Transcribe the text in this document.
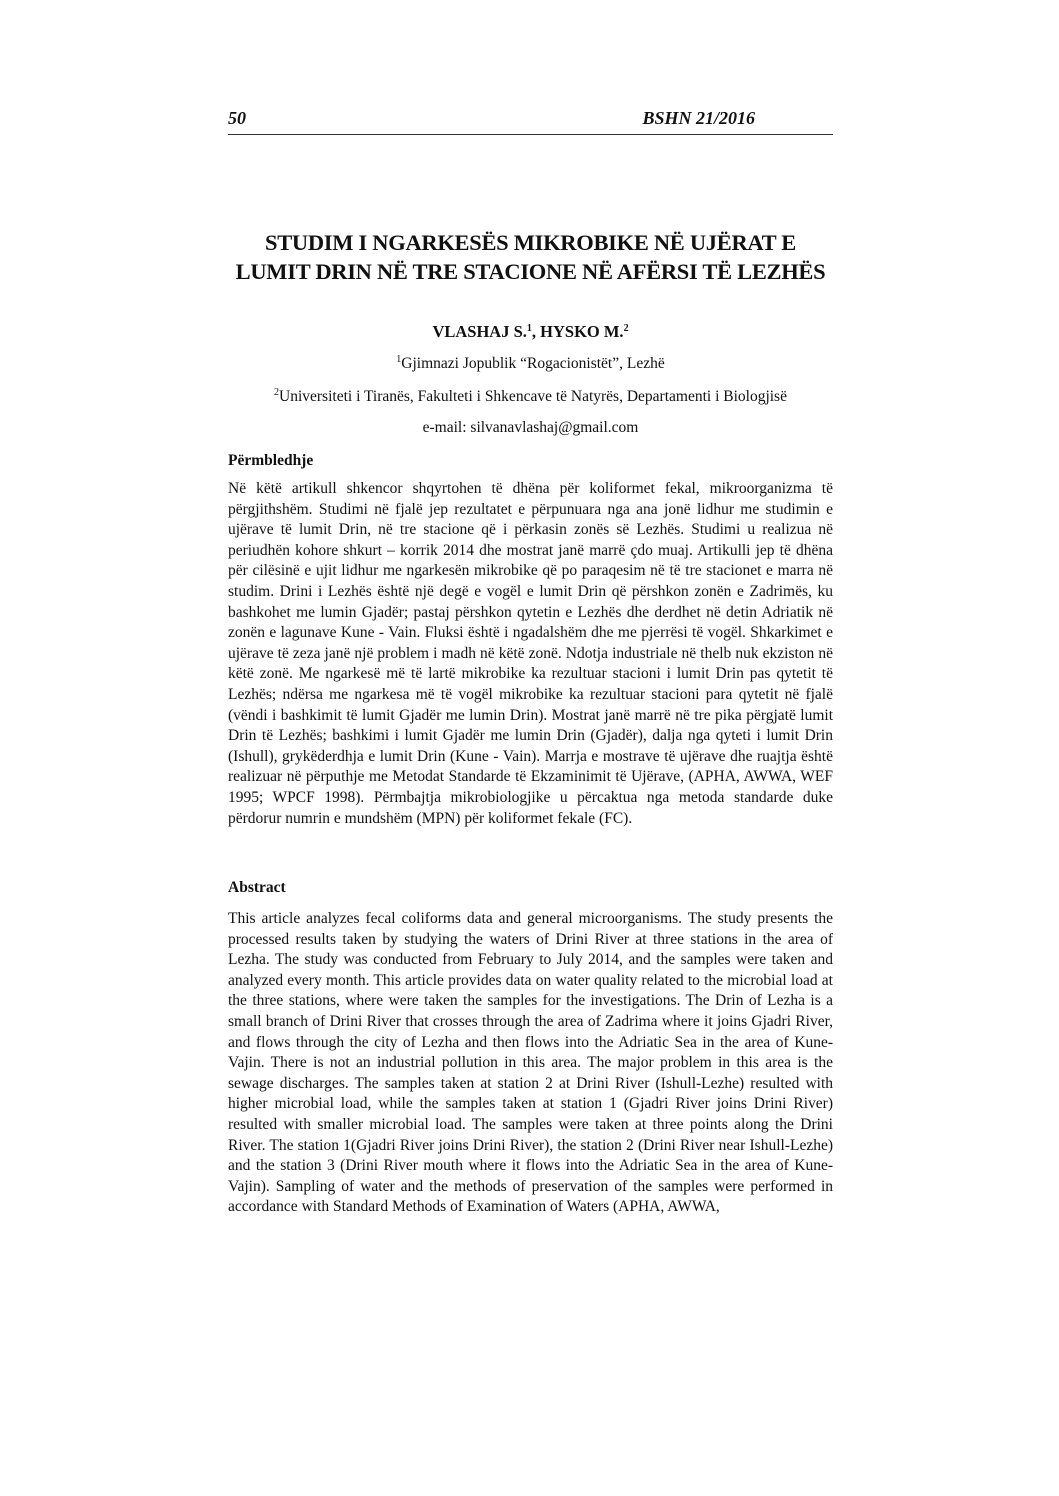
50	BSHN 21/2016
STUDIM I NGARKESËS MIKROBIKE NË UJËRAT E LUMIT DRIN NË TRE STACIONE NË AFËRSI TË LEZHËS
VLASHAJ S.$^1$, HYSKO M.$^2$
$^1$Gjimnazi Jopublik “Rogacionistët”, Lezhë
$^2$Universiteti i Tiranës, Fakulteti i Shkencave të Natyrës, Departamenti i Biologjisë
e-mail: silvanavlashaj@gmail.com
Përmbledhje
Në këtë artikull shkencor shqyrtohen të dhëna për koliformet fekal, mikroorganizma të përgjithshëm. Studimi në fjalë jep rezultatet e përpunuara nga ana jonë lidhur me studimin e ujërave të lumit Drin, në tre stacione që i përkasin zonës së Lezhës. Studimi u realizua në periudhën kohore shkurt – korrik 2014 dhe mostrat janë marrë çdo muaj. Artikulli jep të dhëna për cilësinë e ujit lidhur me ngarkesën mikrobike që po paraqesim në të tre stacionet e marra në studim. Drini i Lezhës është një degë e vogël e lumit Drin që përshkon zonën e Zadrimës, ku bashkohet me lumin Gjadër; pastaj përshkon qytetin e Lezhës dhe derdhet në detin Adriatik në zonën e lagunave Kune - Vain. Fluksi është i ngadalshëm dhe me pjerrësi të vogël. Shkarkimet e ujërave të zeza janë një problem i madh në këtë zonë. Ndotja industriale në thelb nuk ekziston në këtë zonë. Me ngarkesë më të lartë mikrobike ka rezultuar stacioni i lumit Drin pas qytetit të Lezhës; ndërsa me ngarkesa më të vogël mikrobike ka rezultuar stacioni para qytetit në fjalë (vëndi i bashkimit të lumit Gjadër me lumin Drin). Mostrat janë marrë në tre pika përgjatë lumit Drin të Lezhës; bashkimi i lumit Gjadër me lumin Drin (Gjadër), dalja nga qyteti i lumit Drin (Ishull), grykëderdhja e lumit Drin (Kune - Vain). Marrja e mostrave të ujërave dhe ruajtja është realizuar në përputhje me Metodat Standarde të Ekzaminimit të Ujërave, (APHA, AWWA, WEF 1995; WPCF 1998). Përmbajtja mikrobiologjike u përcaktua nga metoda standarde duke përdorur numrin e mundshëm (MPN) për koliformet fekale (FC).
Abstract
This article analyzes fecal coliforms data and general microorganisms. The study presents the processed results taken by studying the waters of Drini River at three stations in the area of Lezha. The study was conducted from February to July 2014, and the samples were taken and analyzed every month. This article provides data on water quality related to the microbial load at the three stations, where were taken the samples for the investigations. The Drin of Lezha is a small branch of Drini River that crosses through the area of Zadrima where it joins Gjadri River, and flows through the city of Lezha and then flows into the Adriatic Sea in the area of Kune-Vajin. There is not an industrial pollution in this area. The major problem in this area is the sewage discharges. The samples taken at station 2 at Drini River (Ishull-Lezhe) resulted with higher microbial load, while the samples taken at station 1 (Gjadri River joins Drini River) resulted with smaller microbial load. The samples were taken at three points along the Drini River. The station 1(Gjadri River joins Drini River), the station 2 (Drini River near Ishull-Lezhe) and the station 3 (Drini River mouth where it flows into the Adriatic Sea in the area of Kune-Vajin). Sampling of water and the methods of preservation of the samples were performed in accordance with Standard Methods of Examination of Waters (APHA, AWWA,
